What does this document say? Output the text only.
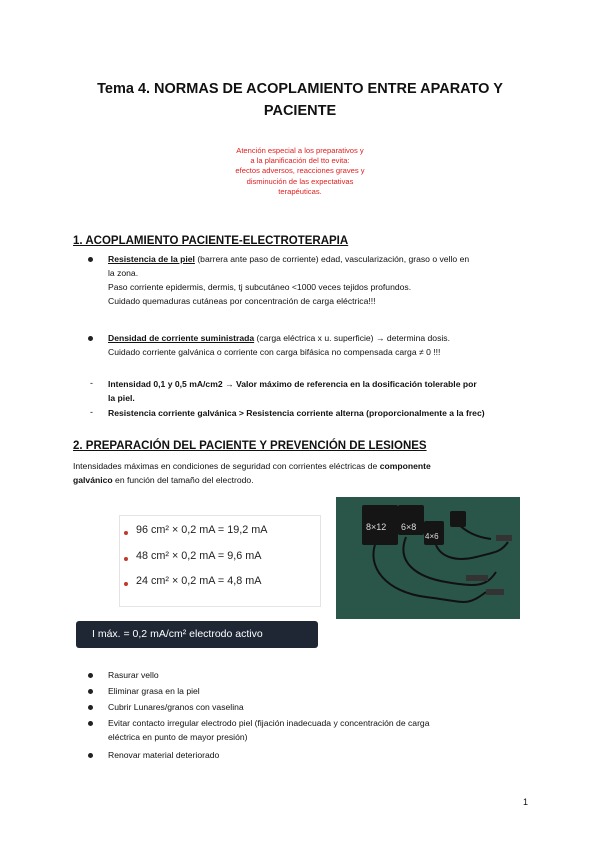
Tema 4. NORMAS DE ACOPLAMIENTO ENTRE APARATO Y
PACIENTE
Atención especial a los preparativos y
a la planificación del tto evita:
efectos adversos, reacciones graves y
disminución de las expectativas
terapéuticas.
1. ACOPLAMIENTO PACIENTE-ELECTROTERAPIA
Resistencia de la piel (barrera ante paso de corriente) edad, vascularización, graso o vello en
la zona.
Paso corriente epidermis, dermis, tj subcutáneo <1000 veces tejidos profundos.
Cuidado quemaduras cutáneas por concentración de carga eléctrica!!!
Densidad de corriente suministrada (carga eléctrica x u. superficie) → determina dosis.
Cuidado corriente galvánica o corriente con carga bifásica no compensada carga ≠ 0 !!!
- Intensidad 0,1 y 0,5 mA/cm2 → Valor máximo de referencia en la dosificación tolerable por
la piel.
- Resistencia corriente galvánica > Resistencia corriente alterna (proporcionalmente a la frec)
2. PREPARACIÓN DEL PACIENTE Y PREVENCIÓN DE LESIONES
Intensidades máximas en condiciones de seguridad con corrientes eléctricas de componente
galvánico en función del tamaño del electrodo.
96 cm² × 0,2 mA = 19,2 mA
48 cm² × 0,2 mA = 9,6 mA
24 cm² × 0,2 mA = 4,8 mA
I máx. = 0,2 mA/cm² electrodo activo
8×12 6×8
4×6
Rasurar vello
Eliminar grasa en la piel
Cubrir Lunares/granos con vaselina
Evitar contacto irregular electrodo piel (fijación inadecuada y concentración de carga
eléctrica en punto de mayor presión)
Renovar material deteriorado
1
